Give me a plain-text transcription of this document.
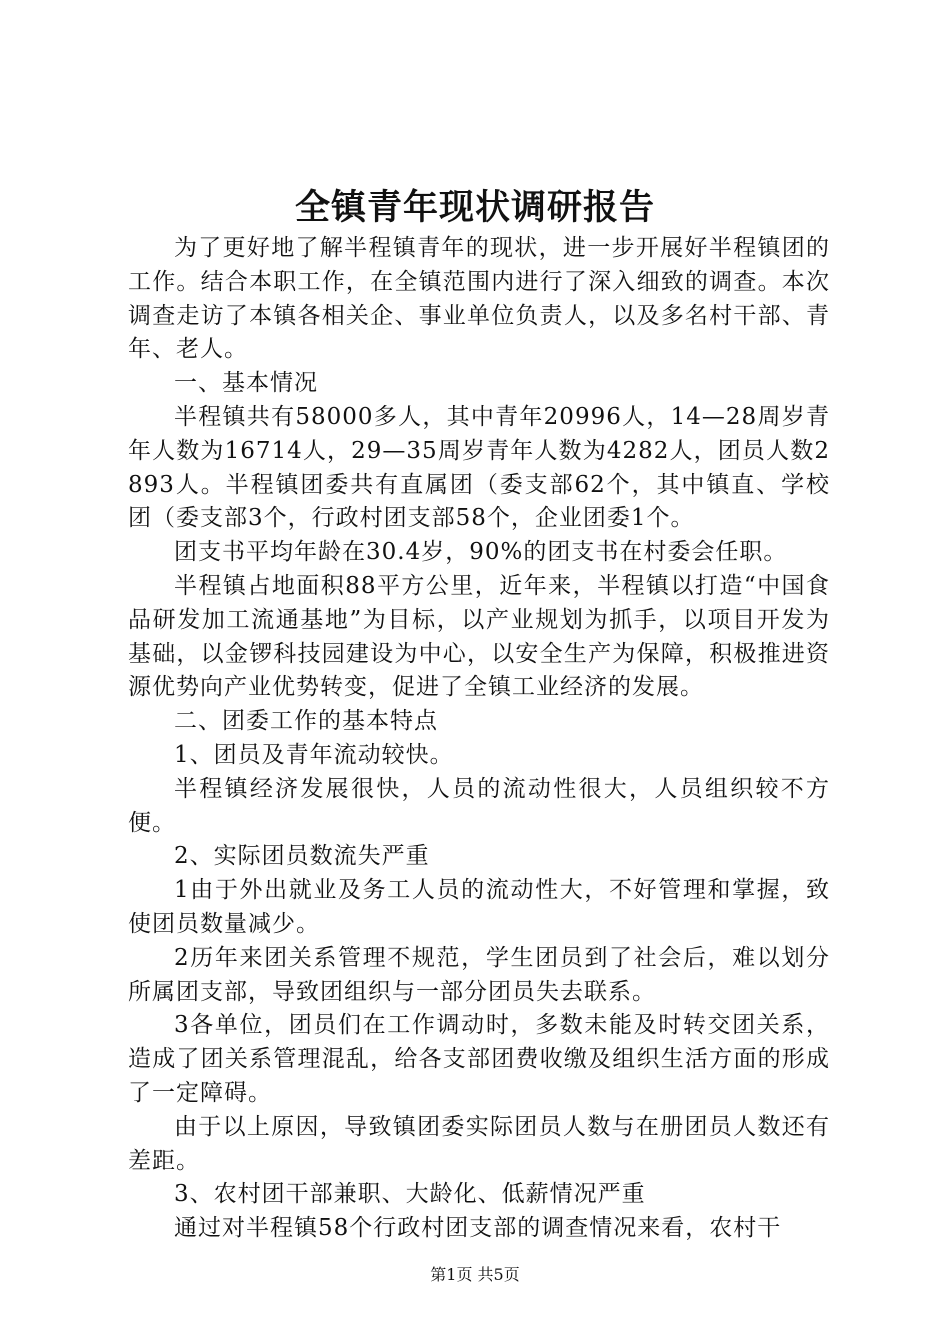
全镇青年现状调研报告

为了更好地了解半程镇青年的现状，进一步开展好半程镇团的工作。结合本职工作，在全镇范围内进行了深入细致的调查。本次调查走访了本镇各相关企、事业单位负责人，以及多名村干部、青年、老人。

一、基本情况

半程镇共有58000多人，其中青年20996人，14—28周岁青年人数为16714人，29—35周岁青年人数为4282人，团员人数2893人。半程镇团委共有直属团（委支部62个，其中镇直、学校团（委支部3个，行政村团支部58个，企业团委1个。

团支书平均年龄在30.4岁，90%的团支书在村委会任职。

半程镇占地面积88平方公里，近年来，半程镇以打造“中国食品研发加工流通基地”为目标，以产业规划为抓手，以项目开发为基础，以金锣科技园建设为中心，以安全生产为保障，积极推进资源优势向产业优势转变，促进了全镇工业经济的发展。

二、团委工作的基本特点

1、团员及青年流动较快。

半程镇经济发展很快，人员的流动性很大，人员组织较不方便。

2、实际团员数流失严重

1由于外出就业及务工人员的流动性大，不好管理和掌握，致使团员数量减少。

2历年来团关系管理不规范，学生团员到了社会后，难以划分所属团支部，导致团组织与一部分团员失去联系。

3各单位，团员们在工作调动时，多数未能及时转交团关系，造成了团关系管理混乱，给各支部团费收缴及组织生活方面的形成了一定障碍。

由于以上原因，导致镇团委实际团员人数与在册团员人数还有差距。

3、农村团干部兼职、大龄化、低薪情况严重

通过对半程镇58个行政村团支部的调查情况来看，农村干

第1页 共5页
